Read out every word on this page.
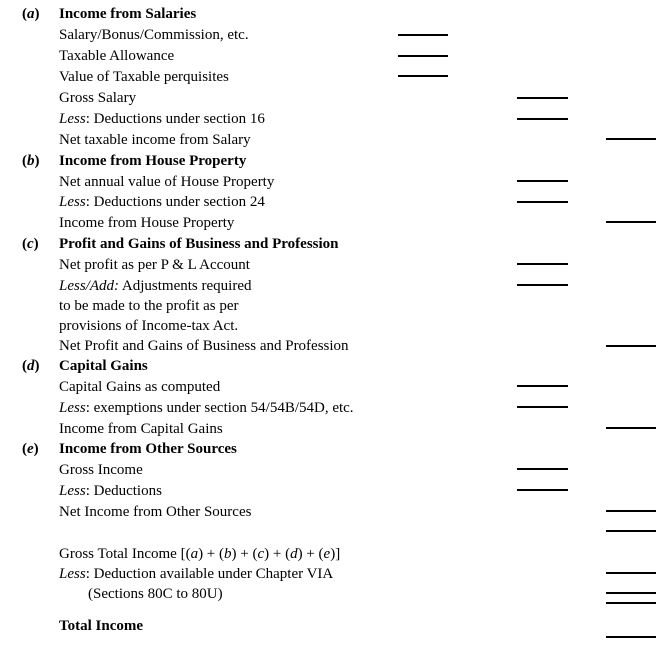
(a) Income from Salaries
Salary/Bonus/Commission, etc.
Taxable Allowance
Value of Taxable perquisites
Gross Salary
Less: Deductions under section 16
Net taxable income from Salary
(b) Income from House Property
Net annual value of House Property
Less: Deductions under section 24
Income from House Property
(c) Profit and Gains of Business and Profession
Net profit as per P & L Account
Less/Add: Adjustments required
to be made to the profit as per
provisions of Income-tax Act.
Net Profit and Gains of Business and Profession
(d) Capital Gains
Capital Gains as computed
Less: exemptions under section 54/54B/54D, etc.
Income from Capital Gains
(e) Income from Other Sources
Gross Income
Less: Deductions
Net Income from Other Sources
Gross Total Income [(a) + (b) + (c) + (d) + (e)]
Less: Deduction available under Chapter VIA
(Sections 80C to 80U)
Total Income
